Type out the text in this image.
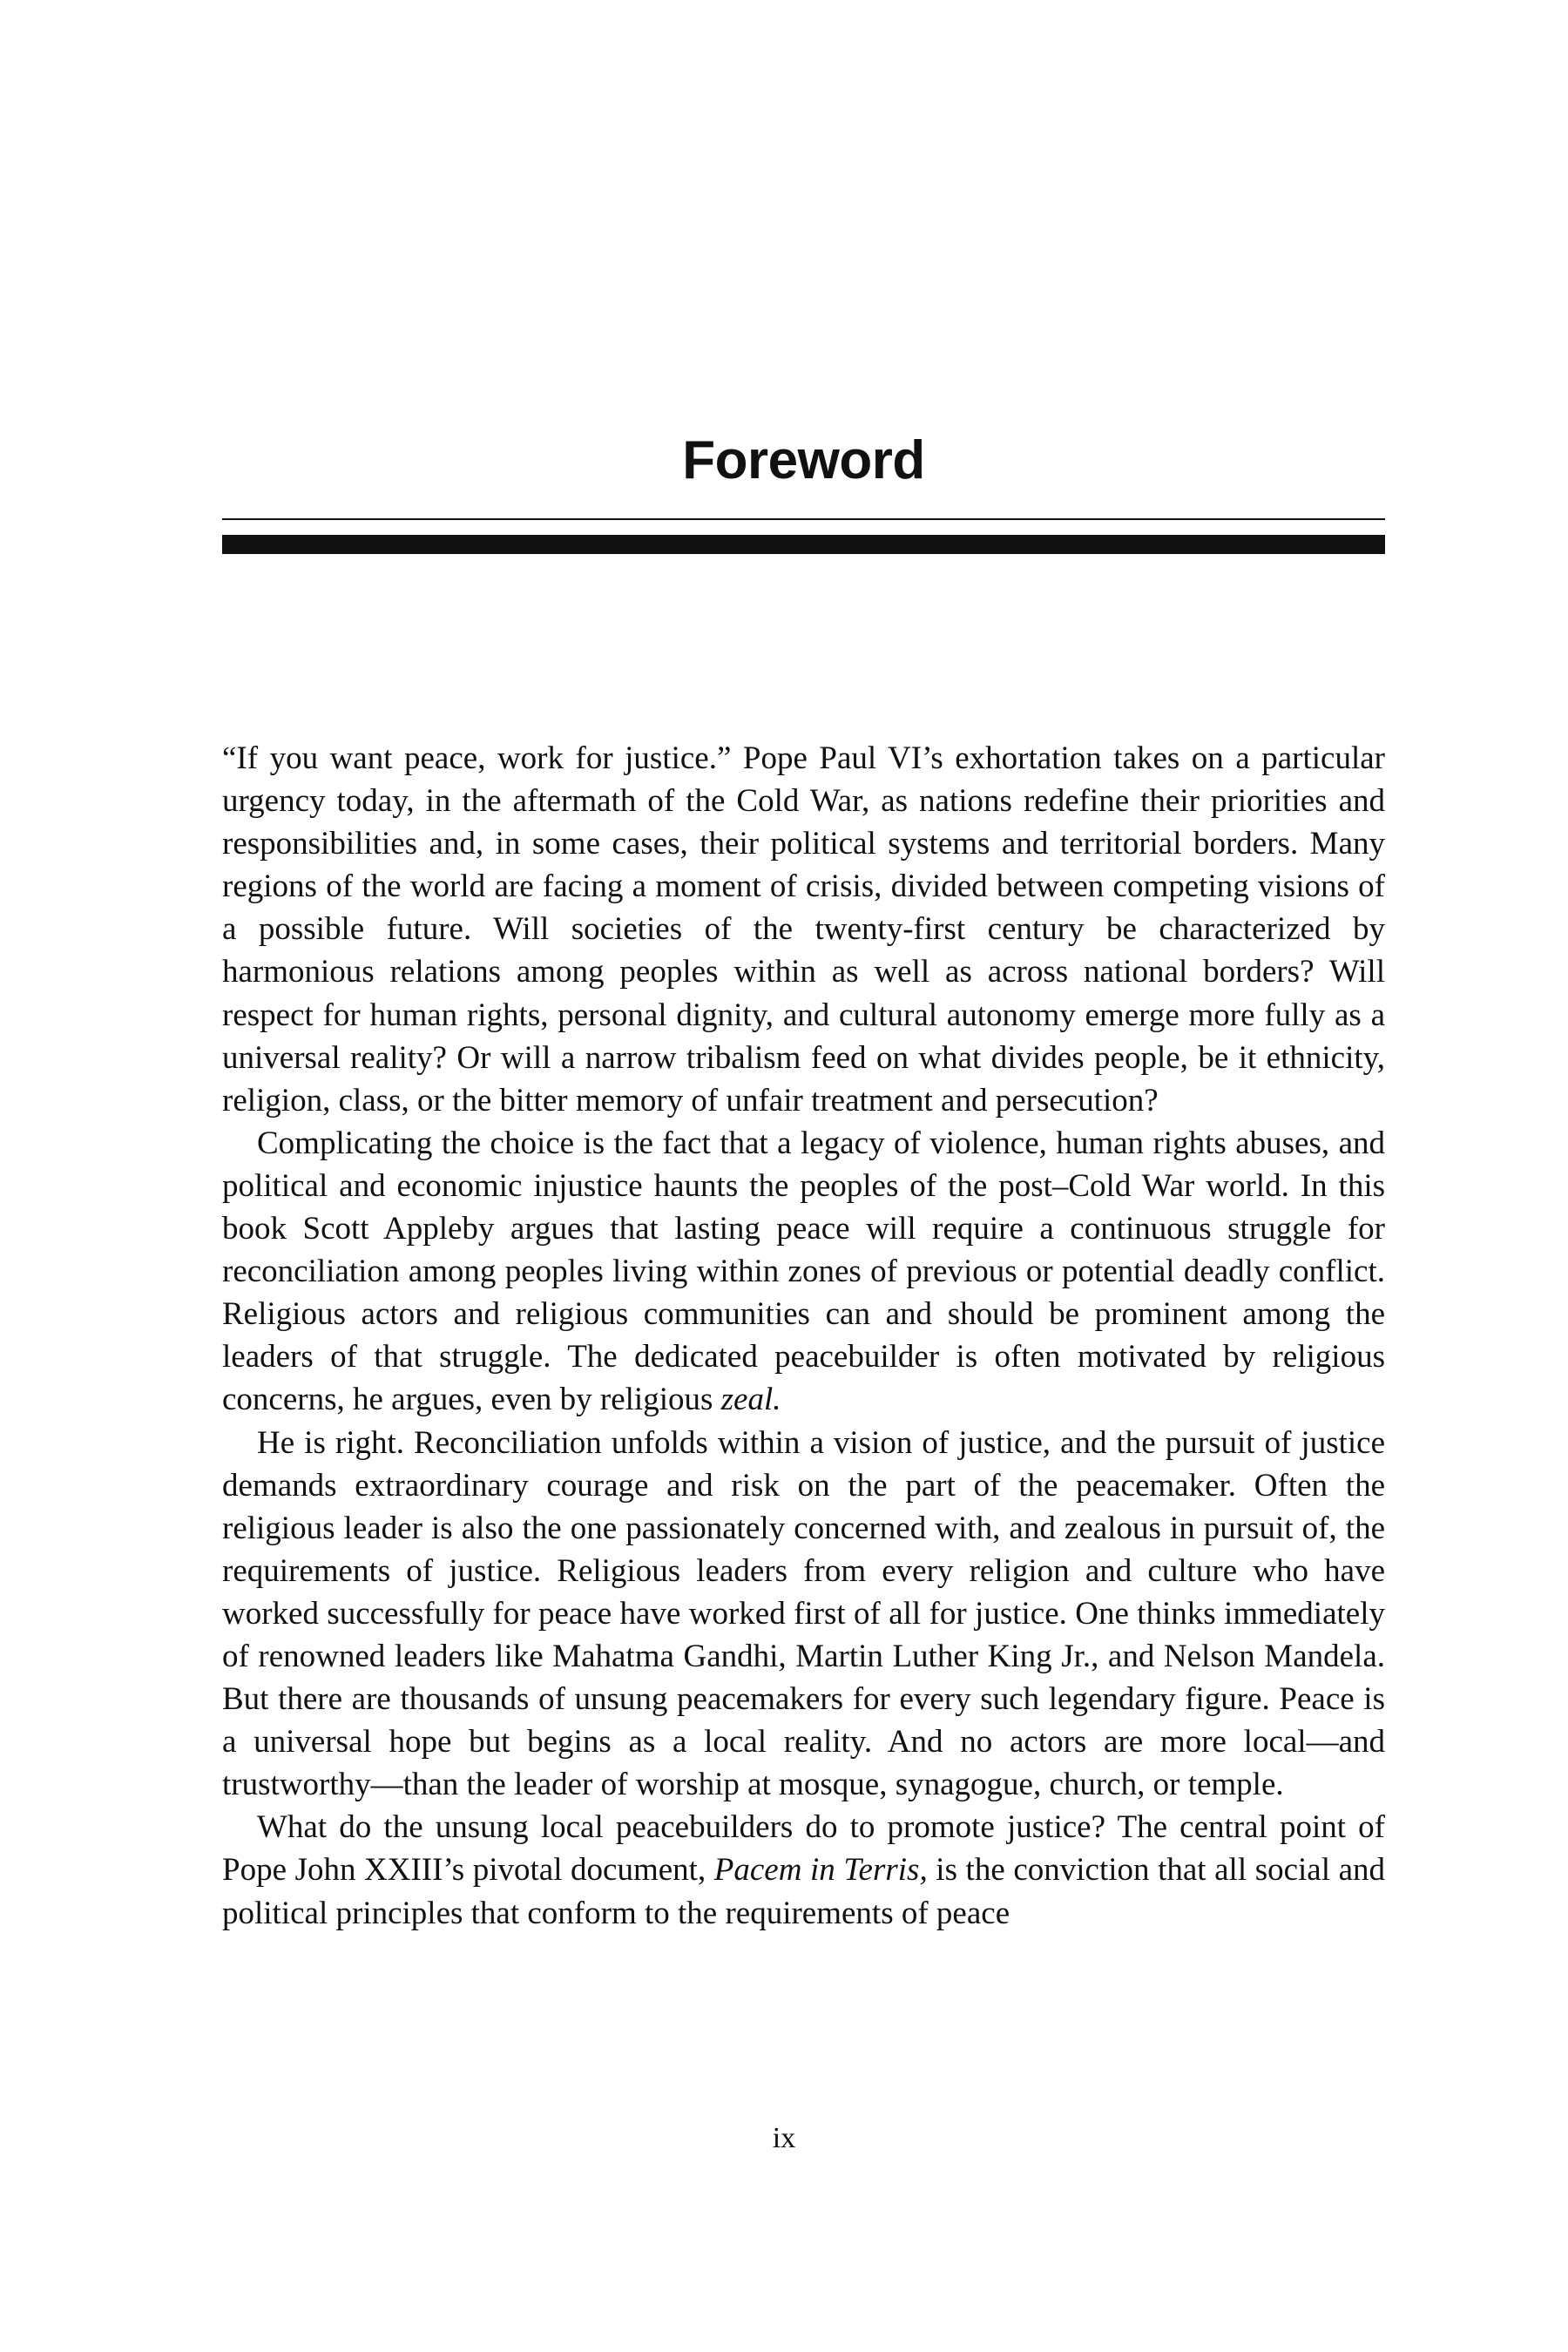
Foreword

“If you want peace, work for justice.” Pope Paul VI’s exhortation takes on a particular urgency today, in the aftermath of the Cold War, as nations redefine their priorities and responsibilities and, in some cases, their political systems and territorial borders. Many regions of the world are facing a moment of crisis, divided between competing visions of a possible future. Will societies of the twenty-first century be characterized by harmonious relations among peoples within as well as across national borders? Will respect for human rights, personal dignity, and cultural autonomy emerge more fully as a universal reality? Or will a narrow tribalism feed on what divides people, be it ethnicity, religion, class, or the bitter memory of unfair treatment and persecution?

Complicating the choice is the fact that a legacy of violence, human rights abuses, and political and economic injustice haunts the peoples of the post–Cold War world. In this book Scott Appleby argues that lasting peace will require a continuous struggle for reconciliation among peoples living within zones of previous or potential deadly conflict. Religious actors and religious communities can and should be prominent among the leaders of that struggle. The dedicated peacebuilder is often motivated by religious concerns, he argues, even by religious zeal.

He is right. Reconciliation unfolds within a vision of justice, and the pursuit of justice demands extraordinary courage and risk on the part of the peacemaker. Often the religious leader is also the one passionately concerned with, and zealous in pursuit of, the requirements of justice. Religious leaders from every religion and culture who have worked successfully for peace have worked first of all for justice. One thinks immediately of renowned leaders like Mahatma Gandhi, Martin Luther King Jr., and Nelson Mandela. But there are thousands of unsung peacemakers for every such legendary figure. Peace is a universal hope but begins as a local reality. And no actors are more local—and trustworthy—than the leader of worship at mosque, synagogue, church, or temple.

What do the unsung local peacebuilders do to promote justice? The central point of Pope John XXIII’s pivotal document, Pacem in Terris, is the conviction that all social and political principles that conform to the requirements of peace

ix
